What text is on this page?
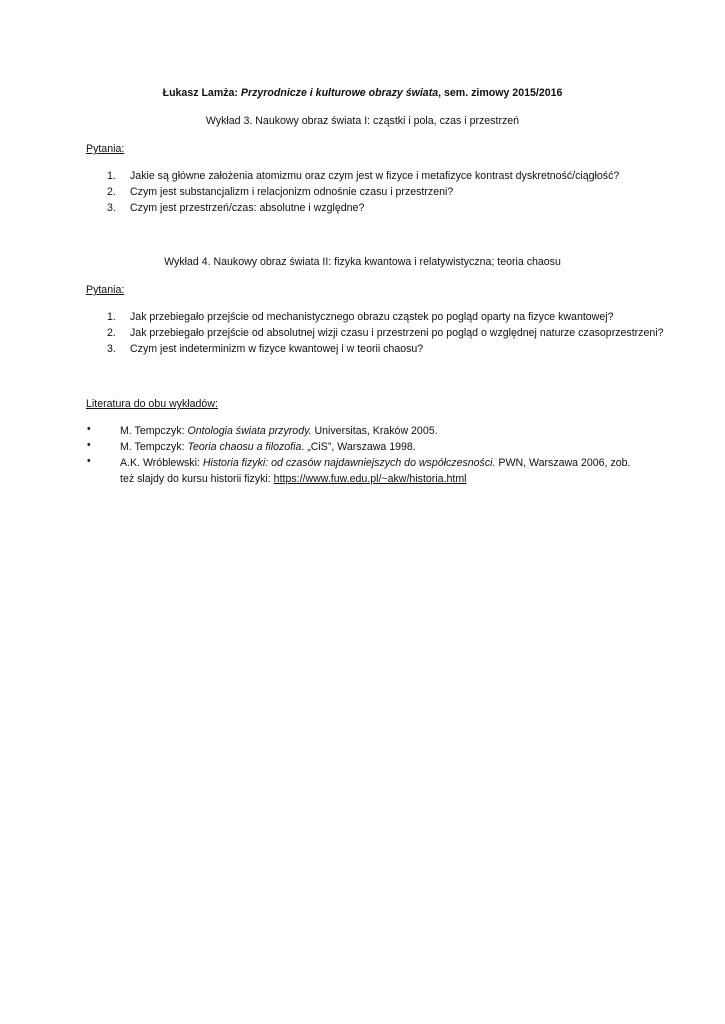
Łukasz Lamża: Przyrodnicze i kulturowe obrazy świata, sem. zimowy 2015/2016
Wykład 3. Naukowy obraz świata I: cząstki i pola, czas i przestrzeń
Pytania:
1. Jakie są główne założenia atomizmu oraz czym jest w fizyce i metafizyce kontrast dyskretność/ciągłość?
2. Czym jest substancjalizm i relacjonizm odnośnie czasu i przestrzeni?
3. Czym jest przestrzeń/czas: absolutne i względne?
Wykład 4. Naukowy obraz świata II: fizyka kwantowa i relatywistyczna; teoria chaosu
Pytania:
1. Jak przebiegało przejście od mechanistycznego obrazu cząstek po pogląd oparty na fizyce kwantowej?
2. Jak przebiegało przejście od absolutnej wizji czasu i przestrzeni po pogląd o względnej naturze czasoprzestrzeni?
3. Czym jest indeterminizm w fizyce kwantowej i w teorii chaosu?
Literatura do obu wykładów:
•	M. Tempczyk: Ontologia świata przyrody. Universitas, Kraków 2005.
•	M. Tempczyk: Teoria chaosu a filozofia. „CiS”, Warszawa 1998.
•	A.K. Wróblewski: Historia fizyki: od czasów najdawniejszych do współczesności. PWN, Warszawa 2006, zob. też slajdy do kursu historii fizyki: https://www.fuw.edu.pl/~akw/historia.html
